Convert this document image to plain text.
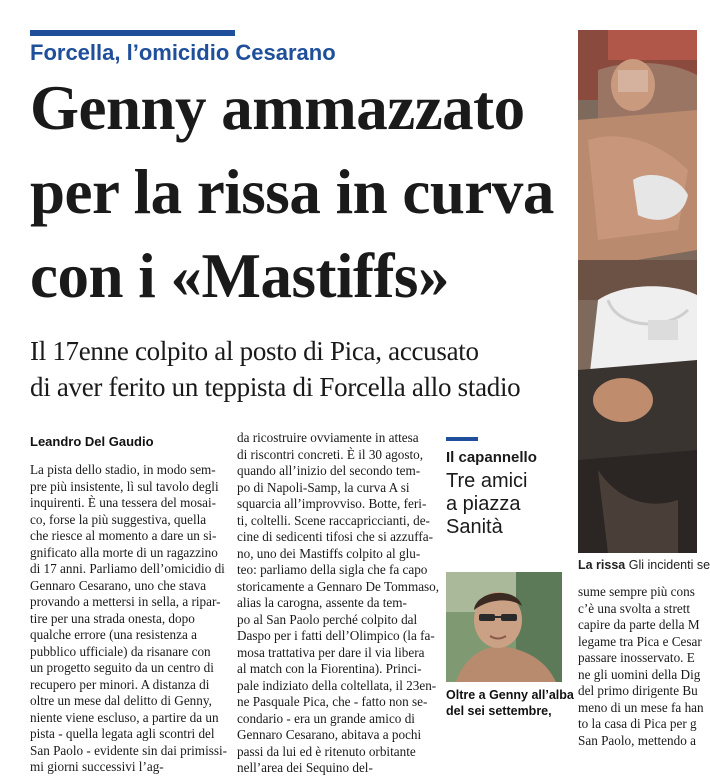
Forcella, l’omicidio Cesarano
Genny ammazzato
per la rissa in curva
con i «Mastiffs»
Il 17enne colpito al posto di Pica, accusato
di aver ferito un teppista di Forcella allo stadio
Leandro Del Gaudio
La pista dello stadio, in modo sem-
pre più insistente, lì sul tavolo degli
inquirenti. È una tessera del mosai-
co, forse la più suggestiva, quella
che riesce al momento a dare un si-
gnificato alla morte di un ragazzino
di 17 anni. Parliamo dell’omicidio di
Gennaro Cesarano, uno che stava
provando a mettersi in sella, a ripar-
tire per una strada onesta, dopo
qualche errore (una resistenza a
pubblico ufficiale) da risanare con
un progetto seguito da un centro di
recupero per minori. A distanza di
oltre un mese dal delitto di Genny,
niente viene escluso, a partire da un
pista - quella legata agli scontri del
San Paolo - evidente sin dai primissi-
mi giorni successivi l’ag-
da ricostruire ovviamente in attesa
di riscontri concreti. È il 30 agosto,
quando all’inizio del secondo tem-
po di Napoli-Samp, la curva A si
squarcia all’improvviso. Botte, feri-
ti, coltelli. Scene raccapriccianti, de-
cine di sedicenti tifosi che si azzuffa-
no, uno dei Mastiffs colpito al glu-
teo: parliamo della sigla che fa capo
storicamente a Gennaro De Tommaso,
alias la carogna, assente da tem-
po al San Paolo perché colpito dal
Daspo per i fatti dell’Olimpico (la fa-
mosa trattativa per dare il via libera
al match con la Fiorentina). Princi-
pale indiziato della coltellata, il 23en-
ne Pasquale Pica, che - fatto non se-
condario - era un grande amico di
Gennaro Cesarano, abitava a pochi
passi da lui ed è ritenuto orbitante
nell’area dei Sequino del-
Il capannello
Tre amici
a piazza
Sanità
Oltre a Genny all’alba
del sei settembre,
La rissa Gli incidenti se
sume sempre più cons
c’è una svolta a strett
capire da parte della M
legame tra Pica e Cesar
passare inosservato. E
ne gli uomini della Dig
del primo dirigente Bu
meno di un mese fa han
to la casa di Pica per g
San Paolo, mettendo a
